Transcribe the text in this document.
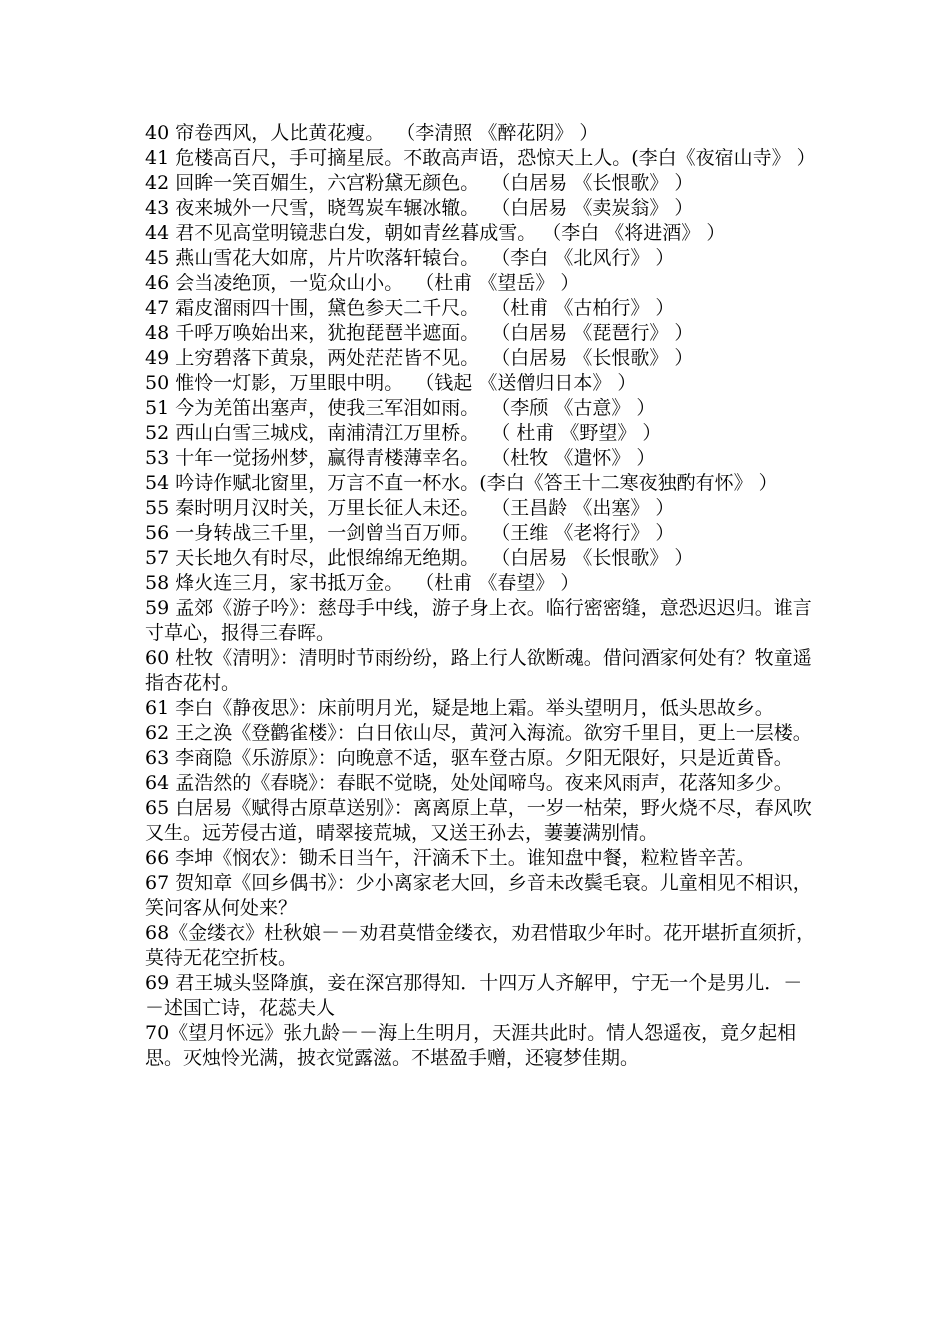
40 帘卷西风，人比黄花瘦。  （李清照 《醉花阴》 ）

41 危楼高百尺，手可摘星辰。不敢高声语，恐惊天上人。(李白《夜宿山寺》 ）

42 回眸一笑百媚生，六宫粉黛无颜色。  （白居易 《长恨歌》 ）

43 夜来城外一尺雪，晓驾炭车辗冰辙。  （白居易 《卖炭翁》 ）

44 君不见高堂明镜悲白发，朝如青丝暮成雪。 （李白 《将进酒》 ）

45 燕山雪花大如席，片片吹落轩辕台。  （李白 《北风行》 ）

46 会当凌绝顶，一览众山小。  （杜甫 《望岳》 ）

47 霜皮溜雨四十围，黛色参天二千尺。  （杜甫 《古柏行》 ）

48 千呼万唤始出来，犹抱琵琶半遮面。  （白居易 《琵琶行》 ）

49 上穷碧落下黄泉，两处茫茫皆不见。  （白居易 《长恨歌》 ）

50 惟怜一灯影，万里眼中明。  （钱起 《送僧归日本》 ）

51 今为羌笛出塞声，使我三军泪如雨。  （李颀 《古意》 ）

52 西山白雪三城戍，南浦清江万里桥。  （ 杜甫 《野望》 ）

53 十年一觉扬州梦，赢得青楼薄幸名。  （杜牧 《遣怀》 ）

54 吟诗作赋北窗里，万言不直一杯水。(李白《答王十二寒夜独酌有怀》 ）

55 秦时明月汉时关，万里长征人未还。  （王昌龄 《出塞》 ）

56 一身转战三千里，一剑曾当百万师。  （王维 《老将行》 ）

57 天长地久有时尽，此恨绵绵无绝期。  （白居易 《长恨歌》 ）

58 烽火连三月，家书抵万金。  （杜甫 《春望》 ）

59 孟郊《游子吟》：慈母手中线，游子身上衣。临行密密缝，意恐迟迟归。谁言寸草心，报得三春晖。

60 杜牧《清明》：清明时节雨纷纷，路上行人欲断魂。借问酒家何处有？牧童遥指杏花村。

61 李白《静夜思》：床前明月光，疑是地上霜。举头望明月，低头思故乡。

62 王之涣《登鹳雀楼》：白日依山尽，黄河入海流。欲穷千里目，更上一层楼。

63 李商隐《乐游原》：向晚意不适，驱车登古原。夕阳无限好，只是近黄昏。

64 孟浩然的《春晓》：春眠不觉晓，处处闻啼鸟。夜来风雨声，花落知多少。

65 白居易《赋得古原草送别》：离离原上草，一岁一枯荣，野火烧不尽，春风吹又生。远芳侵古道，晴翠接荒城，又送王孙去，萋萋满别情。

66 李坤《悯农》：锄禾日当午，汗滴禾下土。谁知盘中餐，粒粒皆辛苦。

67 贺知章《回乡偶书》：少小离家老大回，乡音未改鬓毛衰。儿童相见不相识，笑问客从何处来？

68《金缕衣》杜秋娘－－劝君莫惜金缕衣，劝君惜取少年时。花开堪折直须折，莫待无花空折枝。

69 君王城头竖降旗，妾在深宫那得知．十四万人齐解甲，宁无一个是男儿．－－述国亡诗，花蕊夫人

70《望月怀远》张九龄－－海上生明月，天涯共此时。情人怨遥夜，竟夕起相思。灭烛怜光满，披衣觉露滋。不堪盈手赠，还寝梦佳期。
